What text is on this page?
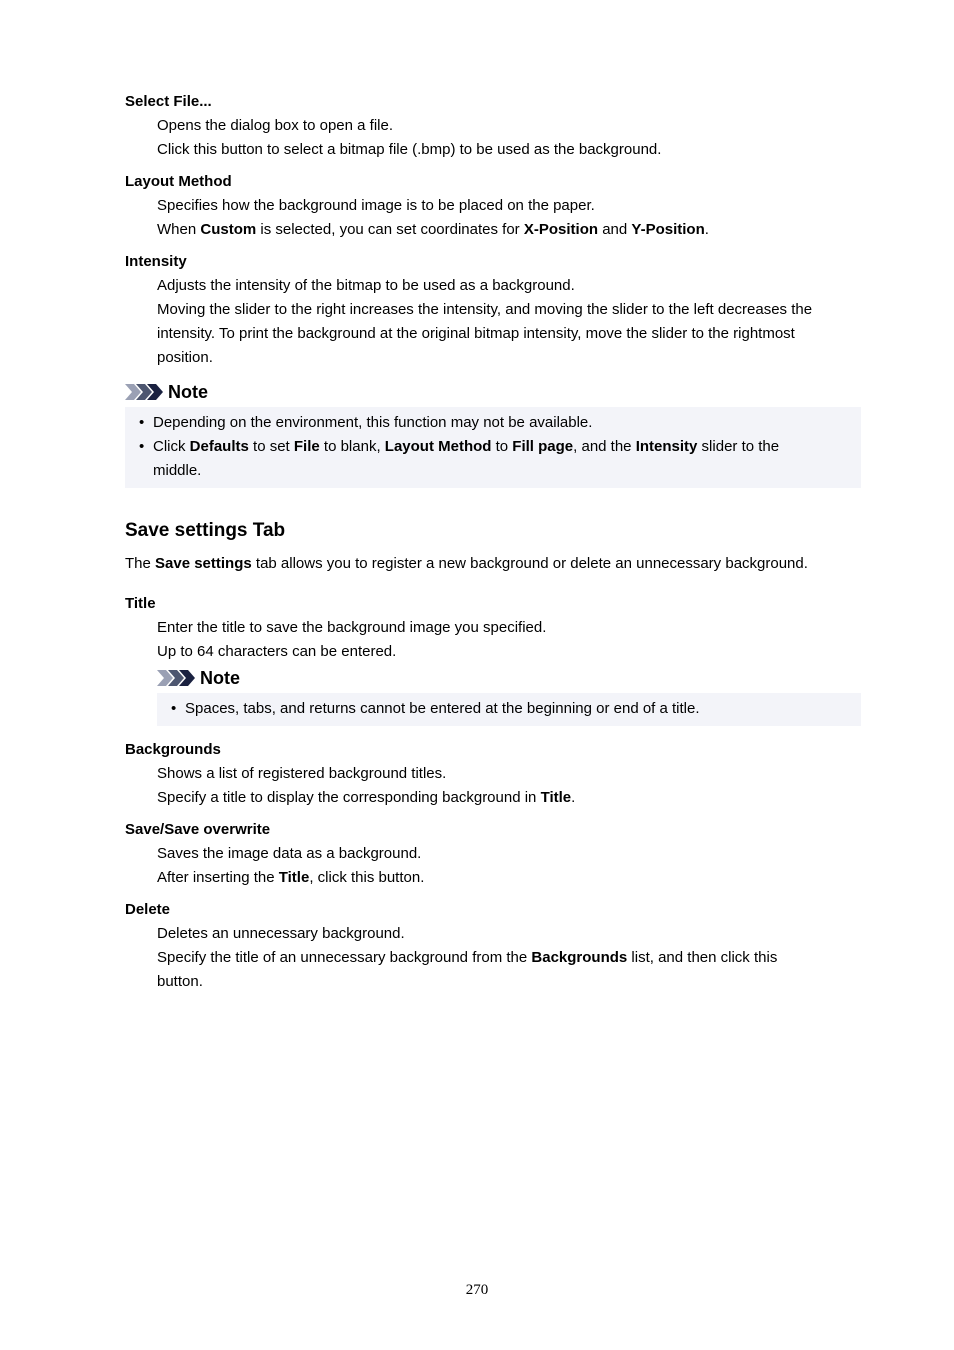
Select File...
Opens the dialog box to open a file.
Click this button to select a bitmap file (.bmp) to be used as the background.
Layout Method
Specifies how the background image is to be placed on the paper.
When Custom is selected, you can set coordinates for X-Position and Y-Position.
Intensity
Adjusts the intensity of the bitmap to be used as a background.
Moving the slider to the right increases the intensity, and moving the slider to the left decreases the
intensity. To print the background at the original bitmap intensity, move the slider to the rightmost
position.
Note
• Depending on the environment, this function may not be available.
• Click Defaults to set File to blank, Layout Method to Fill page, and the Intensity slider to the
middle.
Save settings Tab
The Save settings tab allows you to register a new background or delete an unnecessary background.
Title
Enter the title to save the background image you specified.
Up to 64 characters can be entered.
Note
• Spaces, tabs, and returns cannot be entered at the beginning or end of a title.
Backgrounds
Shows a list of registered background titles.
Specify a title to display the corresponding background in Title.
Save/Save overwrite
Saves the image data as a background.
After inserting the Title, click this button.
Delete
Deletes an unnecessary background.
Specify the title of an unnecessary background from the Backgrounds list, and then click this
button.
270
